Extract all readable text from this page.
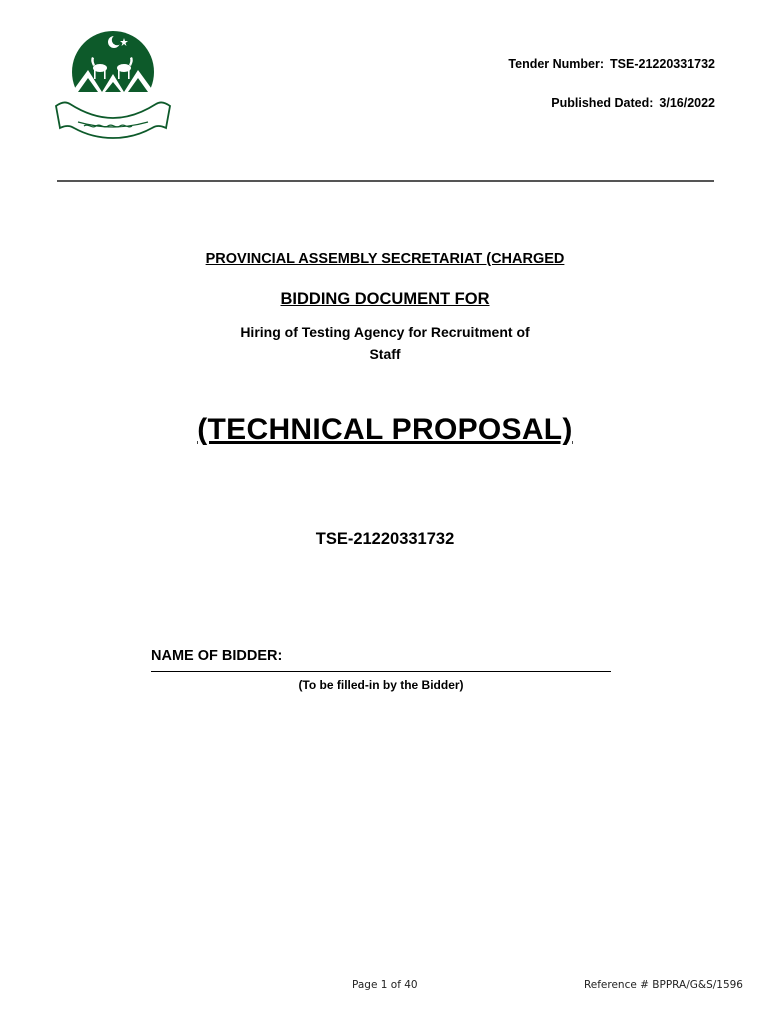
Tender Number: TSE-21220331732
Published Dated: 3/16/2022
PROVINCIAL ASSEMBLY SECRETARIAT (CHARGED
BIDDING DOCUMENT FOR
Hiring of Testing Agency for Recruitment of
Staff
(TECHNICAL PROPOSAL)
TSE-21220331732
NAME OF BIDDER:
(To be filled-in by the Bidder)
Page 1 of 40	Reference # BPPRA/G&S/1596
